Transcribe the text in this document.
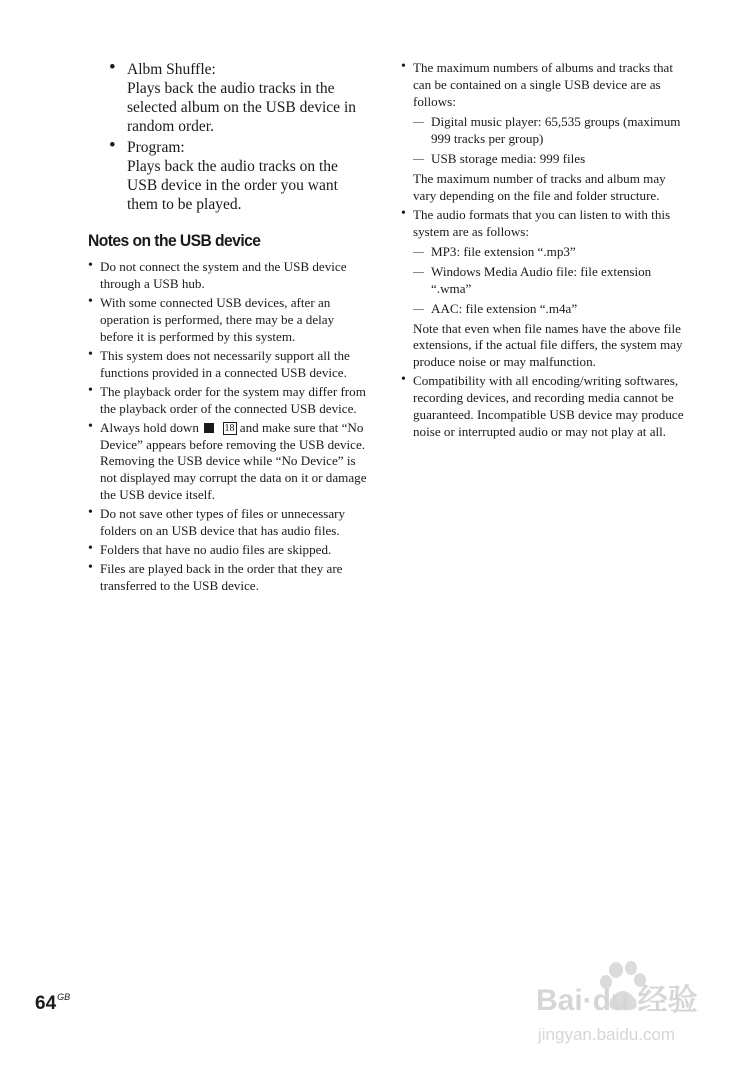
• Albm Shuffle:
Plays back the audio tracks in the selected album on the USB device in random order.
• Program:
Plays back the audio tracks on the USB device in the order you want them to be played.
Notes on the USB device
• Do not connect the system and the USB device through a USB hub.
• With some connected USB devices, after an operation is performed, there may be a delay before it is performed by this system.
• This system does not necessarily support all the functions provided in a connected USB device.
• The playback order for the system may differ from the playback order of the connected USB device.
• Always hold down	18 and make sure that “No Device” appears before removing the USB device. Removing the USB device while “No Device” is not displayed may corrupt the data on it or damage the USB device itself.
• Do not save other types of files or unnecessary folders on an USB device that has audio files.
• Folders that have no audio files are skipped.
• Files are played back in the order that they are transferred to the USB device.
• The maximum numbers of albums and tracks that can be contained on a single USB device are as follows:
— Digital music player: 65,535 groups (maximum 999 tracks per group)
— USB storage media: 999 files
The maximum number of tracks and album may vary depending on the file and folder structure.
• The audio formats that you can listen to with this system are as follows:
— MP3: file extension “.mp3”
— Windows Media Audio file: file extension “.wma”
— AAC: file extension “.m4a”
Note that even when file names have the above file extensions, if the actual file differs, the system may produce noise or may malfunction.
• Compatibility with all encoding/writing softwares, recording devices, and recording media cannot be guaranteed. Incompatible USB device may produce noise or interrupted audio or may not play at all.
$64^{GB}$	Bai·du 经验
jingyan.baidu.com
